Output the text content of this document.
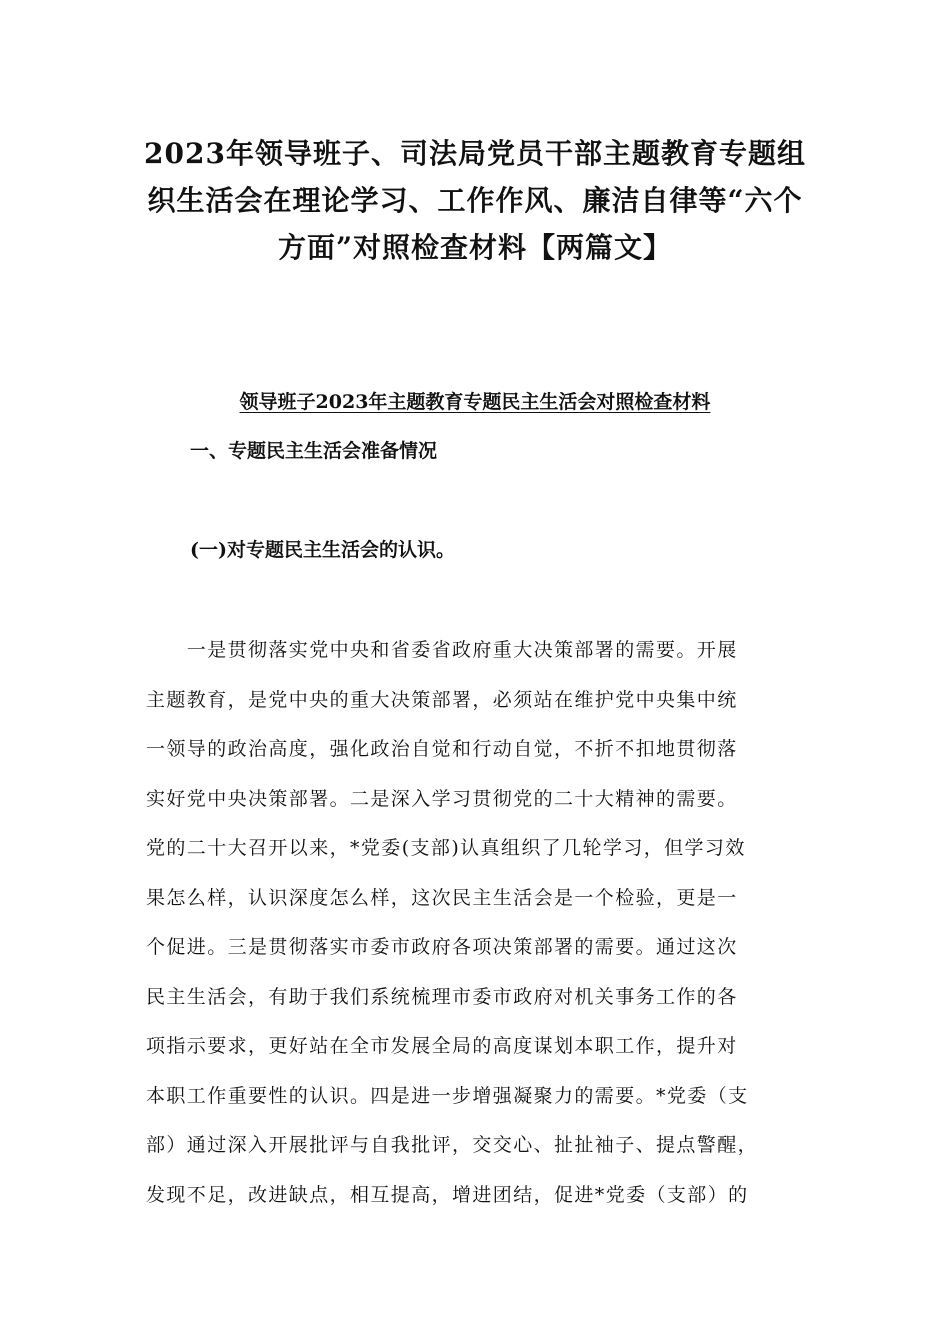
2023年领导班子、司法局党员干部主题教育专题组
织生活会在理论学习、工作作风、廉洁自律等“六个
方面”对照检查材料【两篇文】
领导班子2023年主题教育专题民主生活会对照检查材料
一、专题民主生活会准备情况
(一)对专题民主生活会的认识。
　　一是贯彻落实党中央和省委省政府重大决策部署的需要。开展
主题教育，是党中央的重大决策部署，必须站在维护党中央集中统
一领导的政治高度，强化政治自觉和行动自觉，不折不扣地贯彻落
实好党中央决策部署。二是深入学习贯彻党的二十大精神的需要。
党的二十大召开以来，*党委(支部)认真组织了几轮学习，但学习效
果怎么样，认识深度怎么样，这次民主生活会是一个检验，更是一
个促进。三是贯彻落实市委市政府各项决策部署的需要。通过这次
民主生活会，有助于我们系统梳理市委市政府对机关事务工作的各
项指示要求，更好站在全市发展全局的高度谋划本职工作，提升对
本职工作重要性的认识。四是进一步增强凝聚力的需要。*党委（支
部）通过深入开展批评与自我批评，交交心、扯扯袖子、提点警醒，
发现不足，改进缺点，相互提高，增进团结，促进*党委（支部）的
